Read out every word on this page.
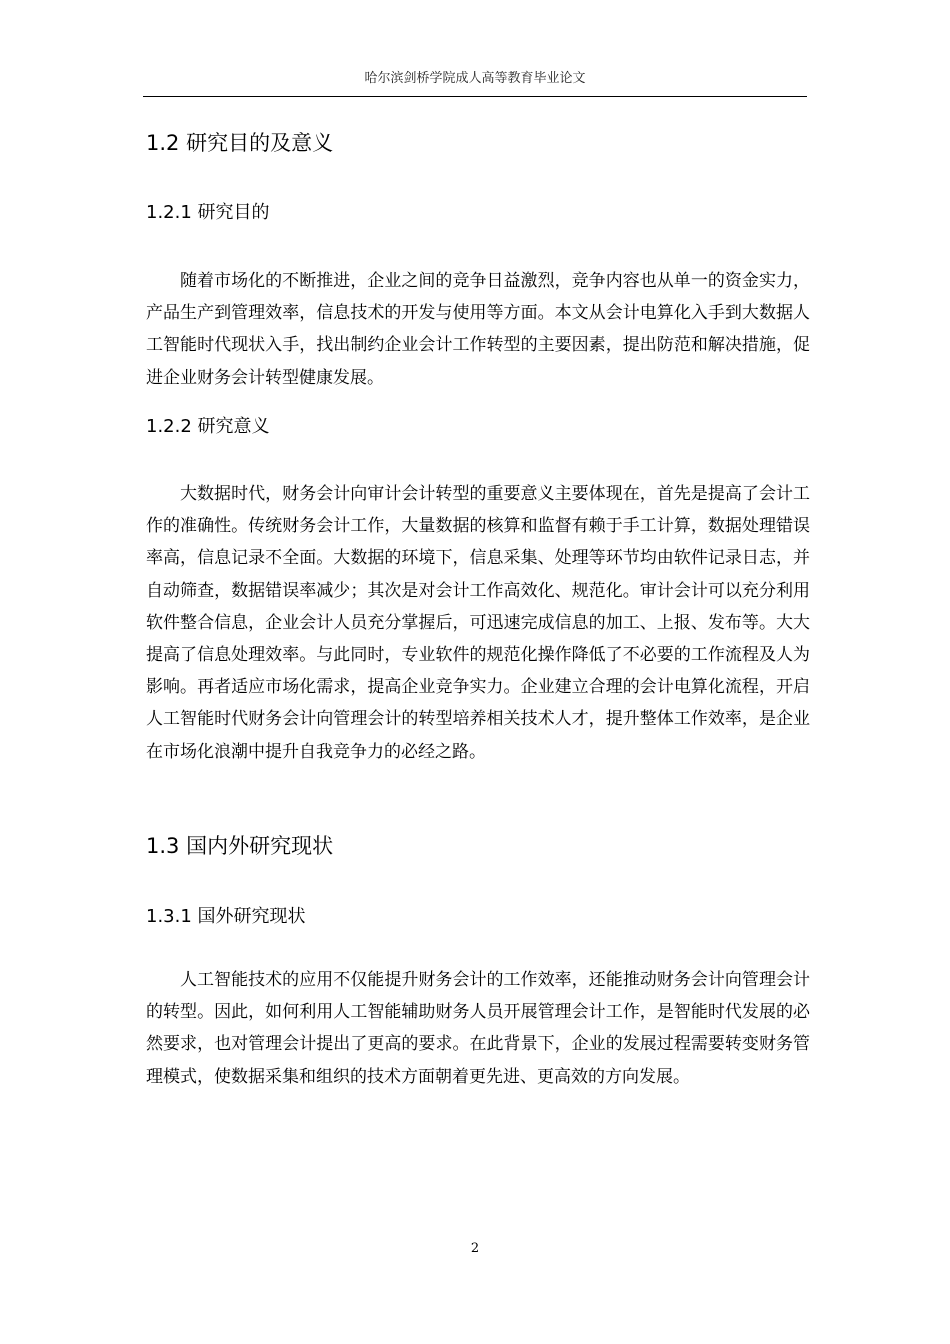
哈尔滨剑桥学院成人高等教育毕业论文
1.2 研究目的及意义
1.2.1 研究目的

随着市场化的不断推进，企业之间的竞争日益激烈，竞争内容也从单一的资金实力，产品生产到管理效率，信息技术的开发与使用等方面。本文从会计电算化入手到大数据人工智能时代现状入手，找出制约企业会计工作转型的主要因素，提出防范和解决措施，促进企业财务会计转型健康发展。

1.2.2 研究意义

大数据时代，财务会计向审计会计转型的重要意义主要体现在，首先是提高了会计工作的准确性。传统财务会计工作，大量数据的核算和监督有赖于手工计算，数据处理错误率高，信息记录不全面。大数据的环境下，信息采集、处理等环节均由软件记录日志，并自动筛查，数据错误率减少；其次是对会计工作高效化、规范化。审计会计可以充分利用软件整合信息，企业会计人员充分掌握后，可迅速完成信息的加工、上报、发布等。大大提高了信息处理效率。与此同时，专业软件的规范化操作降低了不必要的工作流程及人为影响。再者适应市场化需求，提高企业竞争实力。企业建立合理的会计电算化流程，开启人工智能时代财务会计向管理会计的转型培养相关技术人才，提升整体工作效率，是企业在市场化浪潮中提升自我竞争力的必经之路。

1.3 国内外研究现状
1.3.1 国外研究现状

人工智能技术的应用不仅能提升财务会计的工作效率，还能推动财务会计向管理会计的转型。因此，如何利用人工智能辅助财务人员开展管理会计工作，是智能时代发展的必然要求，也对管理会计提出了更高的要求。在此背景下，企业的发展过程需要转变财务管理模式，使数据采集和组织的技术方面朝着更先进、更高效的方向发展。

2
